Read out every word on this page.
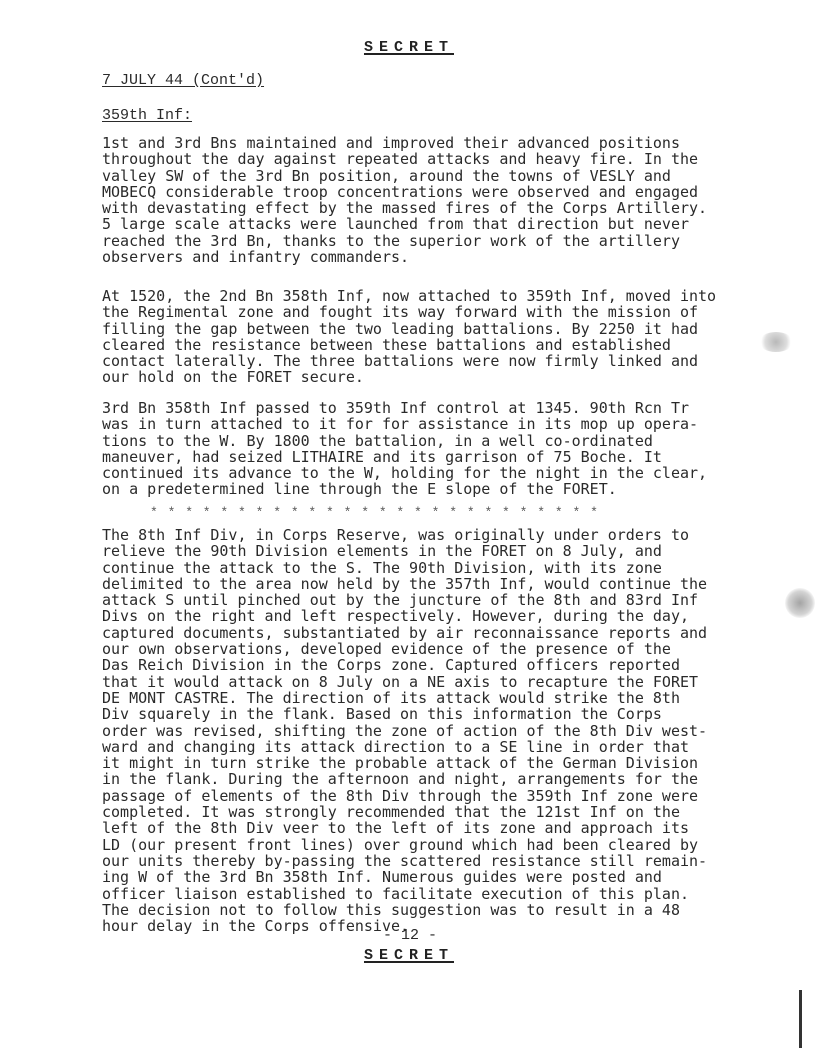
SECRET
7 JULY 44 (Cont'd)
359th Inf:
1st and 3rd Bns maintained and improved their advanced positions
throughout the day against repeated attacks and heavy fire. In the
valley SW of the 3rd Bn position, around the towns of VESLY and
MOBECQ considerable troop concentrations were observed and engaged
with devastating effect by the massed fires of the Corps Artillery.
5 large scale attacks were launched from that direction but never
reached the 3rd Bn, thanks to the superior work of the artillery
observers and infantry commanders.
At 1520, the 2nd Bn 358th Inf, now attached to 359th Inf, moved into
the Regimental zone and fought its way forward with the mission of
filling the gap between the two leading battalions. By 2250 it had
cleared the resistance between these battalions and established
contact laterally. The three battalions were now firmly linked and
our hold on the FORET secure.
3rd Bn 358th Inf passed to 359th Inf control at 1345. 90th Rcn Tr
was in turn attached to it for for assistance in its mop up opera-
tions to the W. By 1800 the battalion, in a well co-ordinated
maneuver, had seized LITHAIRE and its garrison of 75 Boche. It
continued its advance to the W, holding for the night in the clear,
on a predetermined line through the E slope of the FORET.
* * * * * * * * * * * * * * * * * * * * * * * * * *
The 8th Inf Div, in Corps Reserve, was originally under orders to
relieve the 90th Division elements in the FORET on 8 July, and
continue the attack to the S. The 90th Division, with its zone
delimited to the area now held by the 357th Inf, would continue the
attack S until pinched out by the juncture of the 8th and 83rd Inf
Divs on the right and left respectively. However, during the day,
captured documents, substantiated by air reconnaissance reports and
our own observations, developed evidence of the presence of the
Das Reich Division in the Corps zone. Captured officers reported
that it would attack on 8 July on a NE axis to recapture the FORET
DE MONT CASTRE. The direction of its attack would strike the 8th
Div squarely in the flank. Based on this information the Corps
order was revised, shifting the zone of action of the 8th Div west-
ward and changing its attack direction to a SE line in order that
it might in turn strike the probable attack of the German Division
in the flank. During the afternoon and night, arrangements for the
passage of elements of the 8th Div through the 359th Inf zone were
completed. It was strongly recommended that the 121st Inf on the
left of the 8th Div veer to the left of its zone and approach its
LD (our present front lines) over ground which had been cleared by
our units thereby by-passing the scattered resistance still remain-
ing W of the 3rd Bn 358th Inf. Numerous guides were posted and
officer liaison established to facilitate execution of this plan.
The decision not to follow this suggestion was to result in a 48
hour delay in the Corps offensive.
- 12 -
SECRET
